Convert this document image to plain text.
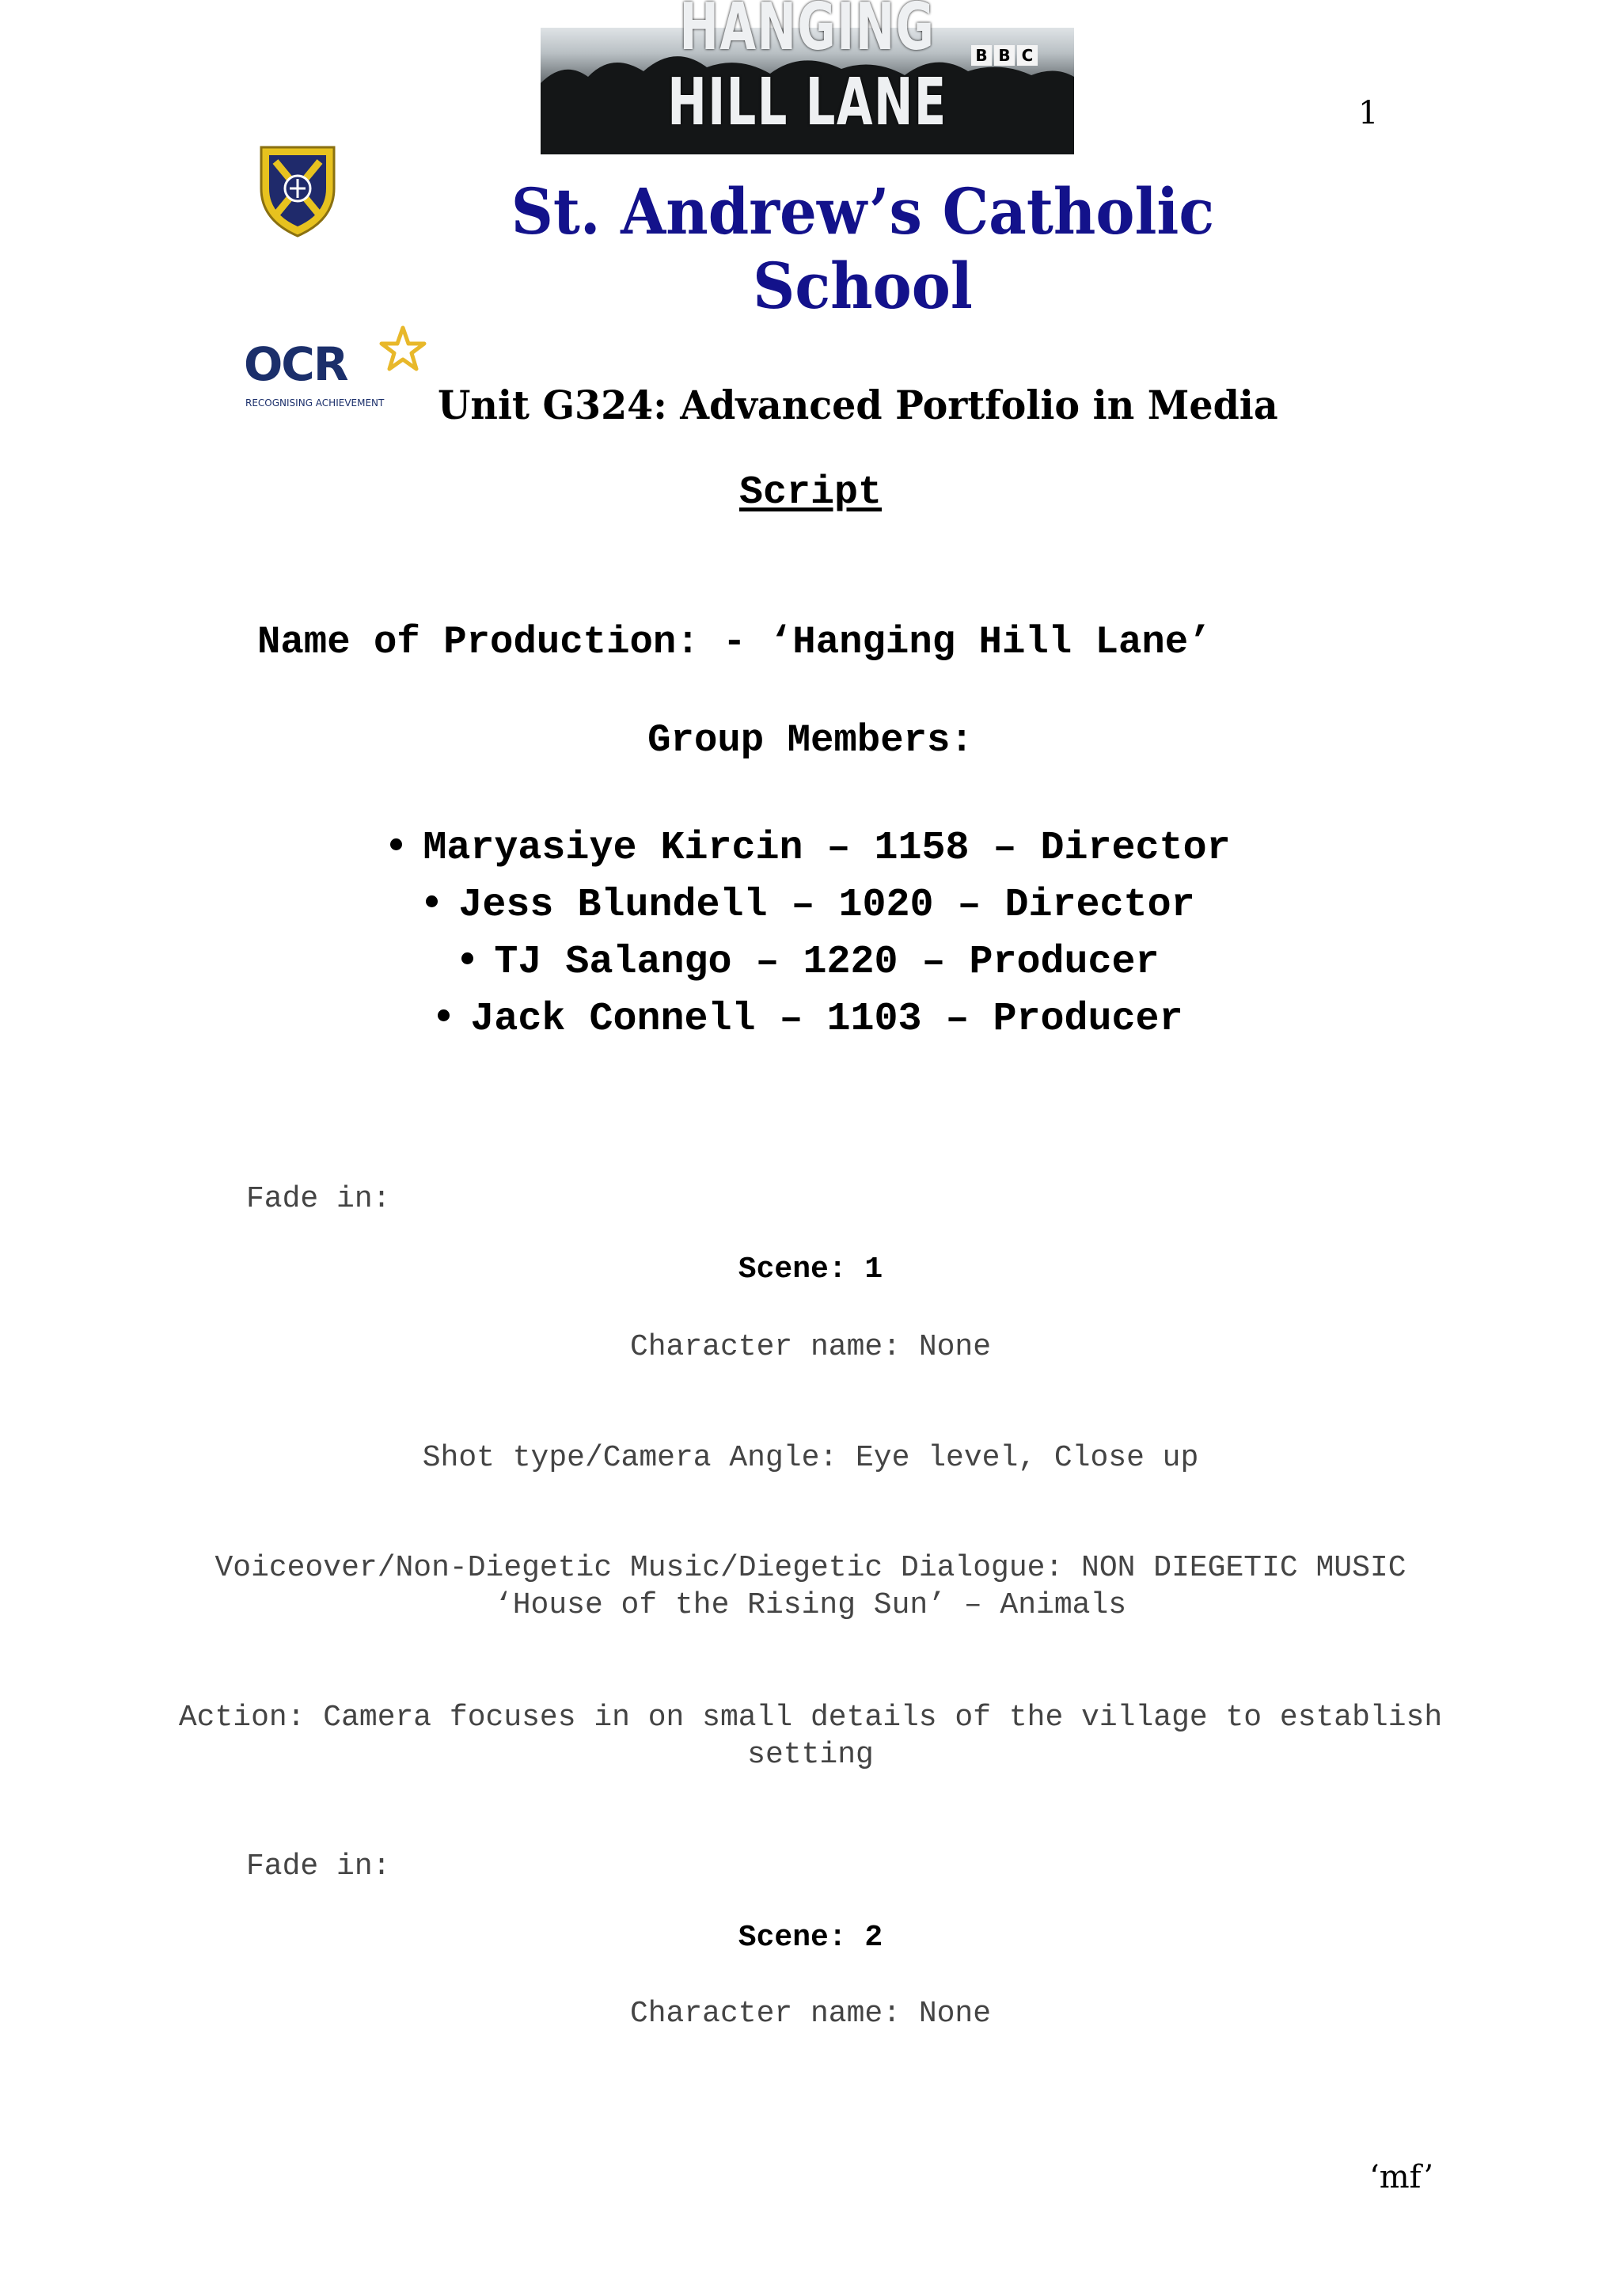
B B C
HANGING HILL LANE	1
St. Andrew’s Catholic School
OCR
RECOGNISING ACHIEVEMENT Unit G324: Advanced Portfolio in Media
Script
Name of Production: - ‘Hanging Hill Lane’
Group Members:
Maryasiye Kircin – 1158 – Director
Jess Blundell – 1020 – Director
TJ Salango – 1220 – Producer
Jack Connell – 1103 – Producer
Fade in:
Scene: 1
Character name: None
Shot type/Camera Angle: Eye level, Close up
Voiceover/Non-Diegetic Music/Diegetic Dialogue: NON DIEGETIC MUSIC
‘House of the Rising Sun’ – Animals
Action: Camera focuses in on small details of the village to establish
setting
Fade in:
Scene: 2
Character name: None
‘mf’
